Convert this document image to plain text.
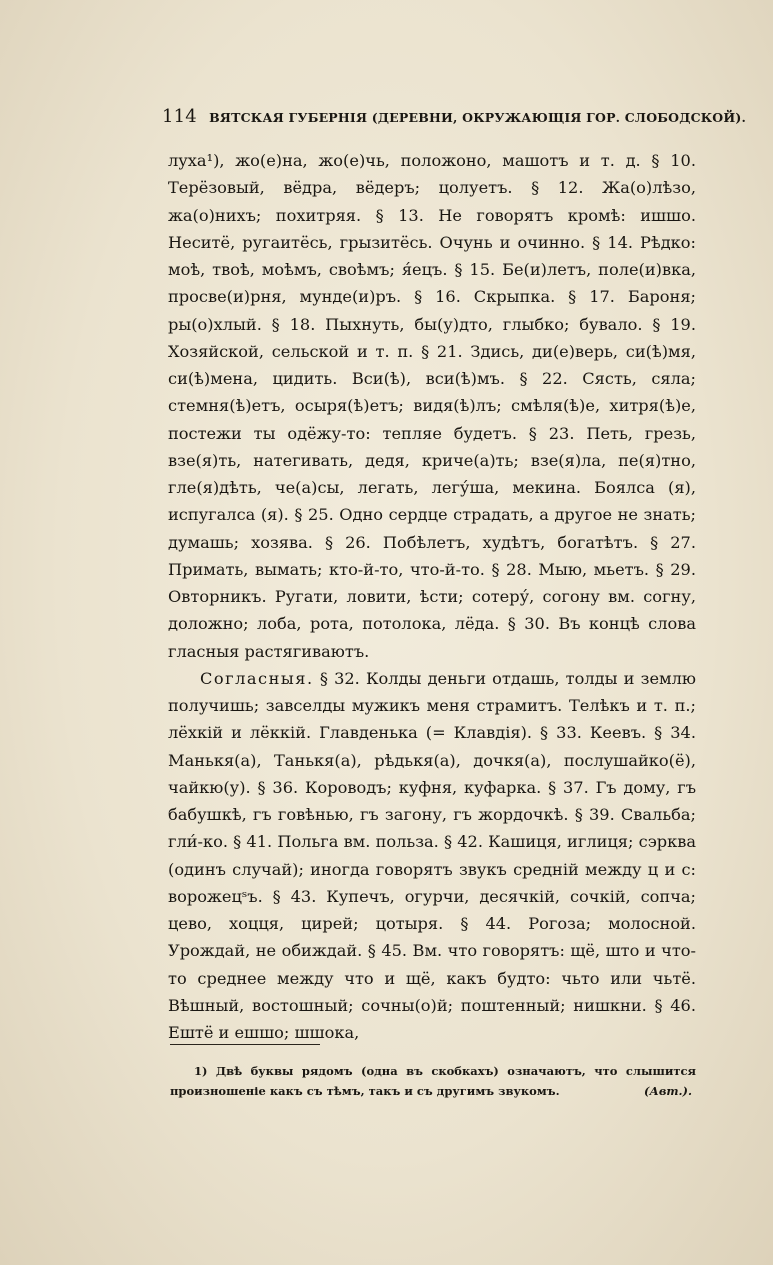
114 ВЯТСКАЯ ГУБЕРНІЯ (ДЕРЕВНИ, ОКРУЖАЮЩІЯ ГОР. СЛОБОДСКОЙ).

луха¹), жо(е)на, жо(е)чь, положоно, машотъ и т. д. § 10. Терёзовый, вёдра, вёдеръ; цолуетъ. § 12. Жа(о)лѣзо, жа(о)нихъ; похитряя. § 13. Не говорятъ кромѣ: ишшо. Неситё, ругаитёсь, грызитёсь. Очунь и очинно. § 14. Рѣдко: моѣ, твоѣ, моѣмъ, своѣмъ; я́ецъ. § 15. Бе(и)летъ, поле(и)вка, просве(и)рня, мунде(и)ръ. § 16. Скрыпка. § 17. Бароня; ры(о)хлый. § 18. Пыхнуть, бы(у)дто, глыбко; бувало. § 19. Хозяйской, сельской и т. п. § 21. Здись, ди(е)верь, си(ѣ)мя, си(ѣ)мена, цидить. Вси(ѣ), вси(ѣ)мъ. § 22. Сясть, сяла; стемня(ѣ)етъ, осыря(ѣ)етъ; видя(ѣ)лъ; смѣля(ѣ)е, хитря(ѣ)е, постежи ты одёжу-то: тепляе будетъ. § 23. Петь, грезь, взе(я)ть, натегивать, дедя, криче(а)ть; взе(я)ла, пе(я)тно, гле(я)дѣть, че(а)сы, легать, легу́ша, мекина. Боялса (я), испугалса (я). § 25. Одно сердце страдать, а другое не знать; думашь; хозява. § 26. Побѣлетъ, худѣтъ, богатѣтъ. § 27. Примать, вымать; кто-й-то, что-й-то. § 28. Мыю, мьетъ. § 29. Овторникъ. Ругати, ловити, ѣсти; сотеру́, согону вм. согну, доложно; лоба, рота, потолока, лёда. § 30. Въ концѣ слова гласныя растягиваютъ.

Согласныя. § 32. Колды деньги отдашь, толды и землю получишь; завселды мужикъ меня страмитъ. Телѣкъ и т. п.; лёхкій и лёккій. Главденька (= Клавдія). § 33. Кеевъ. § 34. Манькя(а), Танькя(а), рѣдькя(а), дочкя(а), послушайко(ё), чайкю(у). § 36. Короводъ; куфня, куфарка. § 37. Гъ дому, гъ бабушкѣ, гъ говѣнью, гъ загону, гъ жордочкѣ. § 39. Свальба; гли́-ко. § 41. Польга вм. польза. § 42. Кашиця, иглиця; сэрква (одинъ случай); иногда говорятъ звукъ среднiй между ц и с: ворожецˢъ. § 43. Купечъ, огурчи, десячкій, сочкій, сопча; цево, хоцця, цирей; цотыря. § 44. Рогоза; молосной. Урождай, не обиждай. § 45. Вм. что говорятъ: щё, што и что-то среднее между что и щё, какъ будто: чьто или чьтё. Вѣшный, востошный; сочны(о)й; поштенный; нишкни. § 46. Ештё и ешшо; шшока,

1) Двѣ буквы рядомъ (одна въ скобкахъ) означаютъ, что слышится произношеніе какъ съ тѣмъ, такъ и съ другимъ звукомъ.	(Авт.).
